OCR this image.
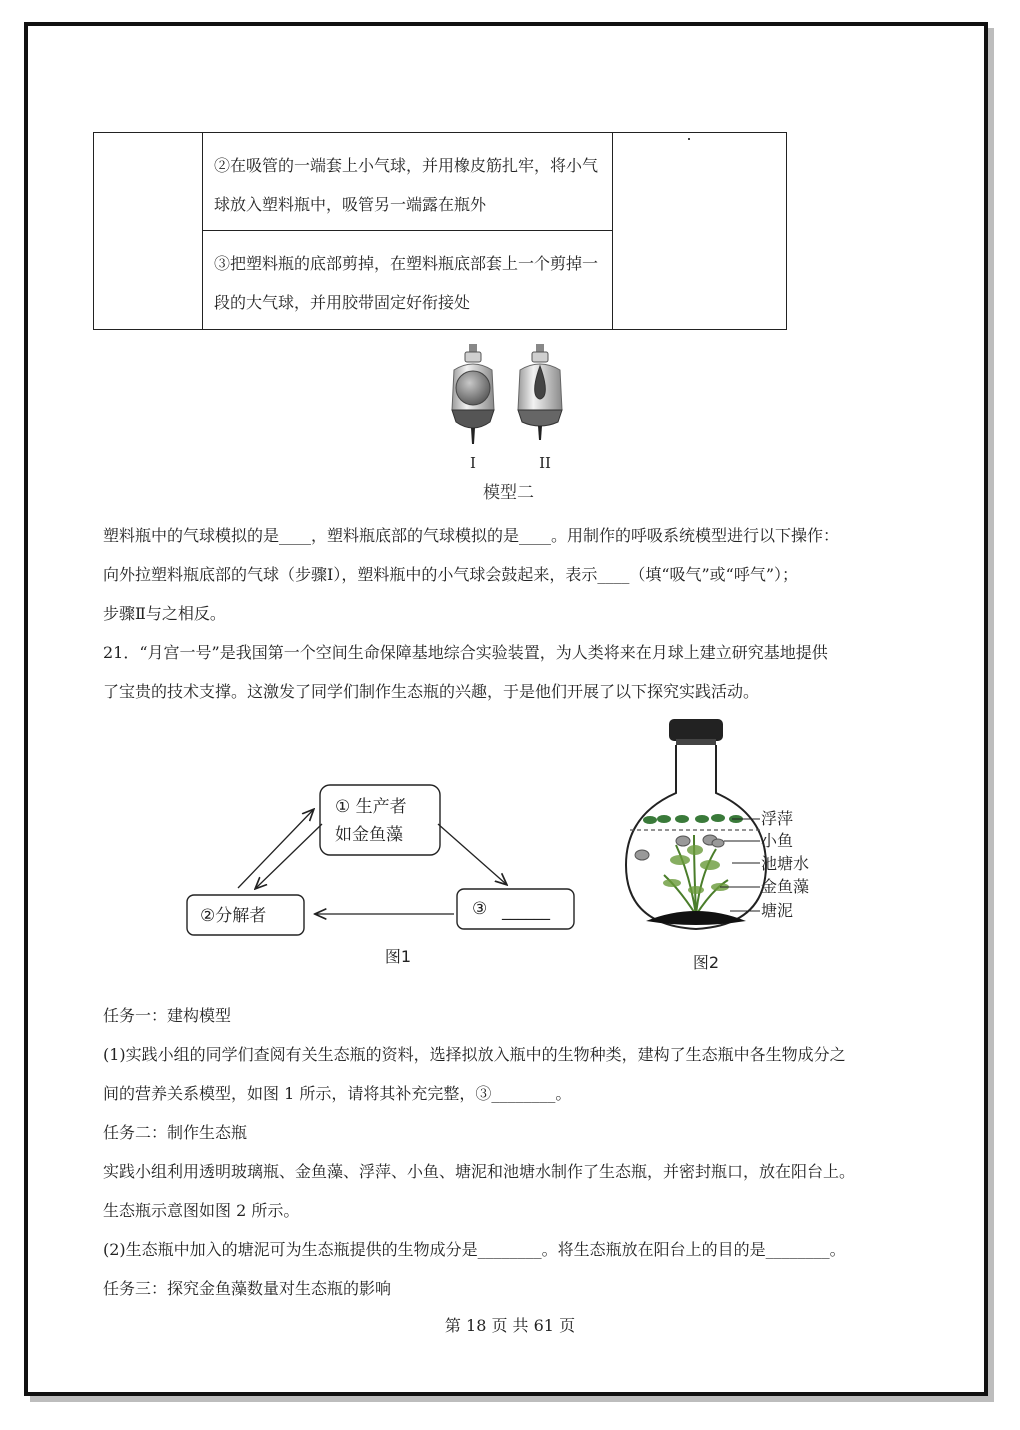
②在吸管的一端套上小气球，并用橡皮筋扎牢，将小气球放入塑料瓶中，吸管另一端露在瓶外
③把塑料瓶的底部剪掉，在塑料瓶底部套上一个剪掉一段的大气球，并用胶带固定好衔接处
I	II
模型二
塑料瓶中的气球模拟的是____，塑料瓶底部的气球模拟的是____。用制作的呼吸系统模型进行以下操作：
向外拉塑料瓶底部的气球（步骤Ⅰ），塑料瓶中的小气球会鼓起来，表示____（填“吸气”或“呼气”）；
步骤Ⅱ与之相反。
21．“月宫一号”是我国第一个空间生命保障基地综合实验装置，为人类将来在月球上建立研究基地提供
了宝贵的技术支撑。这激发了同学们制作生态瓶的兴趣，于是他们开展了以下探究实践活动。
① 生产者
如金鱼藻
②分解者	③ ______
图1
浮萍
小鱼
池塘水
金鱼藻
塘泥
图2
任务一：建构模型
(1)实践小组的同学们查阅有关生态瓶的资料，选择拟放入瓶中的生物种类，建构了生态瓶中各生物成分之
间的营养关系模型，如图 1 所示，请将其补充完整，③________。
任务二：制作生态瓶
实践小组利用透明玻璃瓶、金鱼藻、浮萍、小鱼、塘泥和池塘水制作了生态瓶，并密封瓶口，放在阳台上。
生态瓶示意图如图 2 所示。
(2)生态瓶中加入的塘泥可为生态瓶提供的生物成分是________。将生态瓶放在阳台上的目的是________。
任务三：探究金鱼藻数量对生态瓶的影响
第 18 页 共 61 页
